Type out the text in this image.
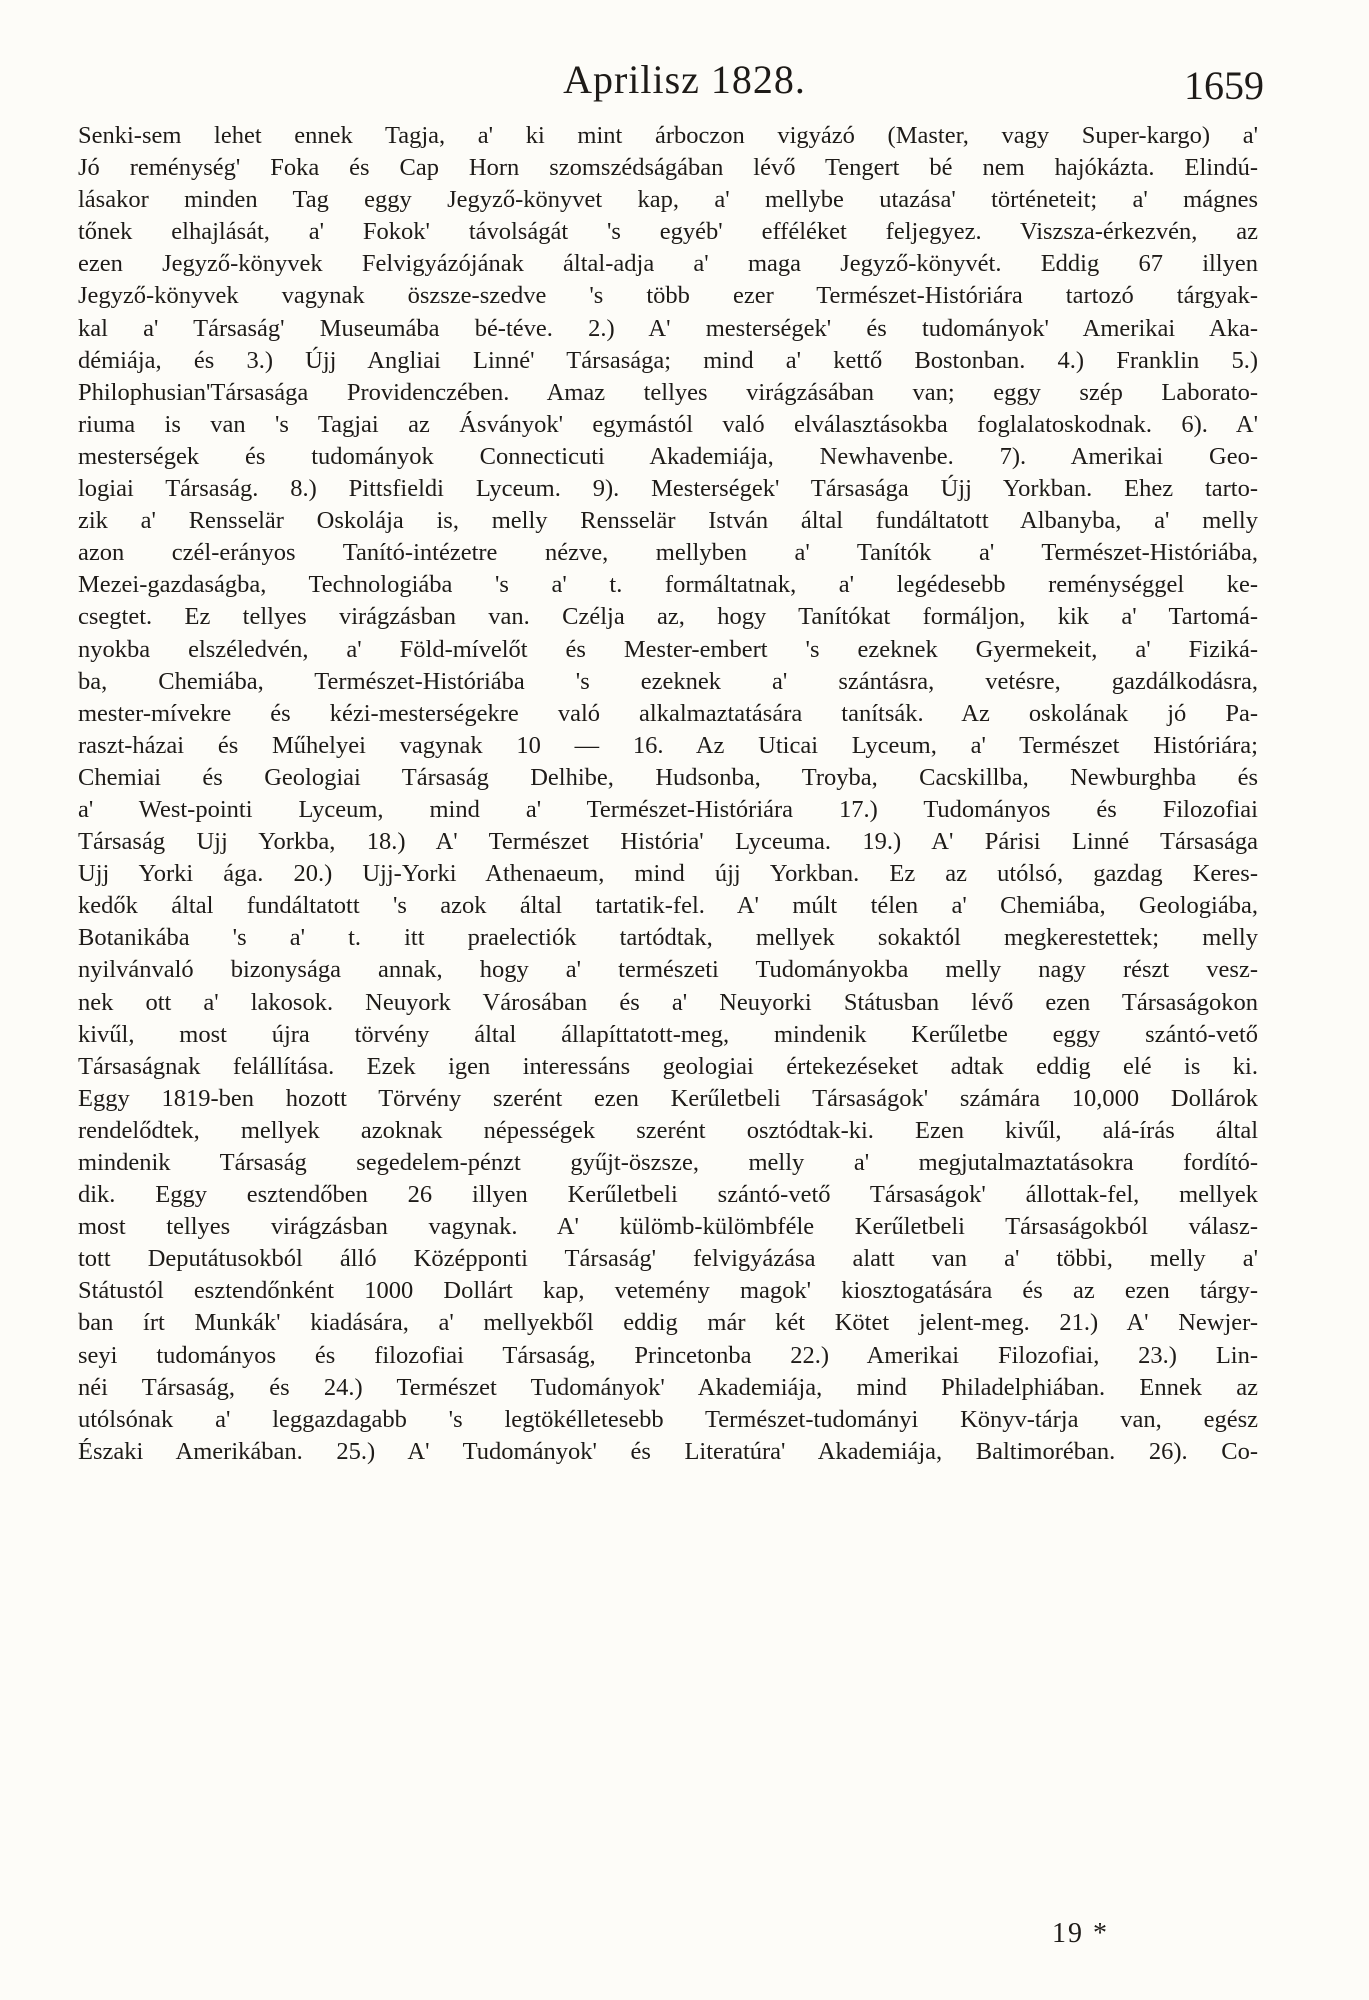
Aprilisz 1828.	1659
Senki-sem lehet ennek Tagja, a' ki mint árboczon vigyázó (Master, vagy Super-kargo) a'
Jó reménység' Foka és Cap Horn szomszédságában lévő Tengert bé nem hajókázta. Elindú-
lásakor minden Tag eggy Jegyző-könyvet kap, a' mellybe utazása' történeteit; a' mágnes
tőnek elhajlását, a' Fokok' távolságát 's egyéb' efféléket feljegyez. Viszsza-érkezvén, az
ezen Jegyző-könyvek Felvigyázójának által-adja a' maga Jegyző-könyvét. Eddig 67 illyen
Jegyző-könyvek vagynak öszsze-szedve 's több ezer Természet-Históriára tartozó tárgyak-
kal a' Társaság' Museumába bé-téve. 2.) A' mesterségek' és tudományok' Amerikai Aka-
démiája, és 3.) Újj Angliai Linné' Társasága; mind a' kettő Bostonban. 4.) Franklin 5.)
Philophusian'Társasága Providenczében. Amaz tellyes virágzásában van; eggy szép Laborato-
riuma is van 's Tagjai az Ásványok' egymástól való elválasztásokba foglalatoskodnak. 6). A'
mesterségek és tudományok Connecticuti Akademiája, Newhavenbe. 7). Amerikai Geo-
logiai Társaság. 8.) Pittsfieldi Lyceum. 9). Mesterségek' Társasága Újj Yorkban. Ehez tarto-
zik a' Rensselär Oskolája is, melly Rensselär István által fundáltatott Albanyba, a' melly
azon czél-erányos Tanító-intézetre nézve, mellyben a' Tanítók a' Természet-Históriába,
Mezei-gazdaságba, Technologiába 's a' t. formáltatnak, a' legédesebb reménységgel ke-
csegtet. Ez tellyes virágzásban van. Czélja az, hogy Tanítókat formáljon, kik a' Tartomá-
nyokba elszéledvén, a' Föld-mívelőt és Mester-embert 's ezeknek Gyermekeit, a' Fiziká-
ba, Chemiába, Természet-Históriába 's ezeknek a' szántásra, vetésre, gazdálkodásra,
mester-mívekre és kézi-mesterségekre való alkalmaztatására tanítsák. Az oskolának jó Pa-
raszt-házai és Műhelyei vagynak 10 — 16. Az Uticai Lyceum, a' Természet Históriára;
Chemiai és Geologiai Társaság Delhibe, Hudsonba, Troyba, Cacskillba, Newburghba és
a' West-pointi Lyceum, mind a' Természet-Históriára 17.) Tudományos és Filozofiai
Társaság Ujj Yorkba, 18.) A' Természet História' Lyceuma. 19.) A' Párisi Linné Társasága
Ujj Yorki ága. 20.) Ujj-Yorki Athenaeum, mind újj Yorkban. Ez az utólsó, gazdag Keres-
kedők által fundáltatott 's azok által tartatik-fel. A' múlt télen a' Chemiába, Geologiába,
Botanikába 's a' t. itt praelectiók tartódtak, mellyek sokaktól megkerestettek; melly
nyilvánvaló bizonysága annak, hogy a' természeti Tudományokba melly nagy részt vesz-
nek ott a' lakosok. Neuyork Városában és a' Neuyorki Státusban lévő ezen Társaságokon
kivűl, most újra törvény által állapíttatott-meg, mindenik Kerűletbe eggy szántó-vető
Társaságnak felállítása. Ezek igen interessáns geologiai értekezéseket adtak eddig elé is ki.
Eggy 1819-ben hozott Törvény szerént ezen Kerűletbeli Társaságok' számára 10,000 Dollárok
rendelődtek, mellyek azoknak népességek szerént osztódtak-ki. Ezen kivűl, alá-írás által
mindenik Társaság segedelem-pénzt gyűjt-öszsze, melly a' megjutalmaztatásokra fordító-
dik. Eggy esztendőben 26 illyen Kerűletbeli szántó-vető Társaságok' állottak-fel, mellyek
most tellyes virágzásban vagynak. A' külömb-külömbféle Kerűletbeli Társaságokból válasz-
tott Deputátusokból álló Középponti Társaság' felvigyázása alatt van a' többi, melly a'
Státustól esztendőnként 1000 Dollárt kap, vetemény magok' kiosztogatására és az ezen tárgy-
ban írt Munkák' kiadására, a' mellyekből eddig már két Kötet jelent-meg. 21.) A' Newjer-
seyi tudományos és filozofiai Társaság, Princetonba 22.) Amerikai Filozofiai, 23.) Lin-
néi Társaság, és 24.) Természet Tudományok' Akademiája, mind Philadelphiában. Ennek az
utólsónak a' leggazdagabb 's legtökélletesebb Természet-tudományi Könyv-tárja van, egész
Északi Amerikában. 25.) A' Tudományok' és Literatúra' Akademiája, Baltimoréban. 26). Co-
19 *
